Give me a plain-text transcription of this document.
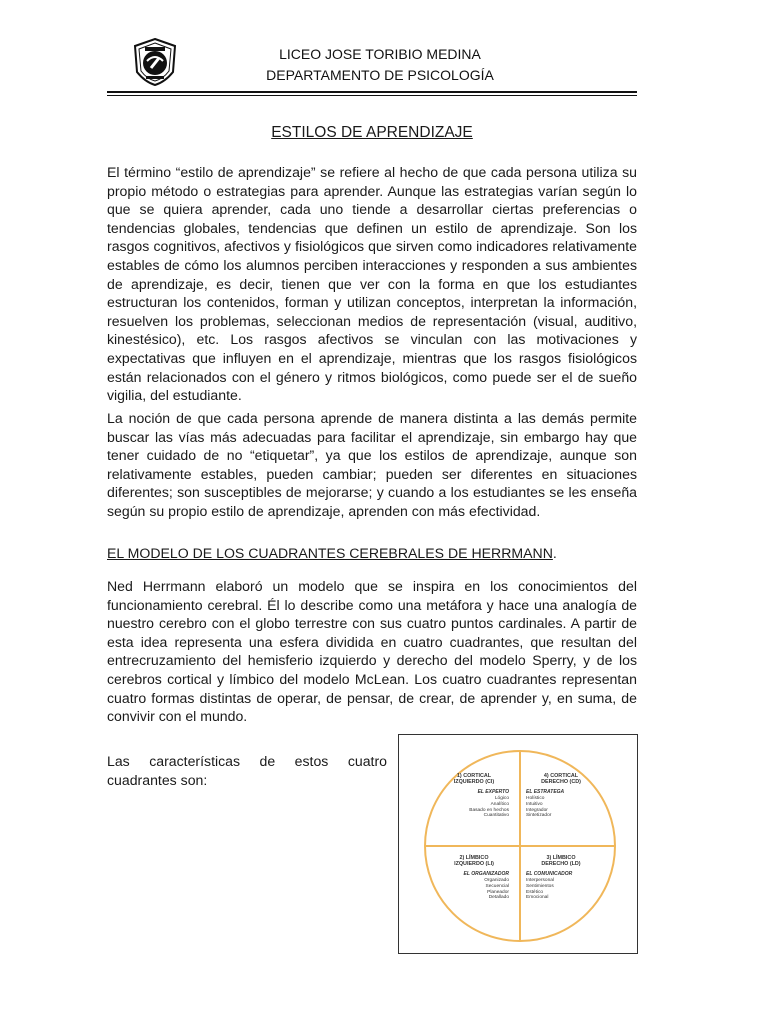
LICEO JOSE TORIBIO MEDINA
DEPARTAMENTO DE PSICOLOGÍA
ESTILOS DE APRENDIZAJE

El término “estilo de aprendizaje” se refiere al hecho de que cada persona utiliza su propio método o estrategias para aprender. Aunque las estrategias varían según lo que se quiera aprender, cada uno tiende a desarrollar ciertas preferencias o tendencias globales, tendencias que definen un estilo de aprendizaje. Son los rasgos cognitivos, afectivos y fisiológicos que sirven como indicadores relativamente estables de cómo los alumnos perciben interacciones y responden a sus ambientes de aprendizaje, es decir, tienen que ver con la forma en que los estudiantes estructuran los contenidos, forman y utilizan conceptos, interpretan la información, resuelven los problemas, seleccionan medios de representación (visual, auditivo, kinestésico), etc. Los rasgos afectivos se vinculan con las motivaciones y expectativas que influyen en el aprendizaje, mientras que los rasgos fisiológicos están relacionados con el género y ritmos biológicos, como puede ser el de sueño vigilia, del estudiante.

La noción de que cada persona aprende de manera distinta a las demás permite buscar las vías más adecuadas para facilitar el aprendizaje, sin embargo hay que tener cuidado de no “etiquetar”, ya que los estilos de aprendizaje, aunque son relativamente estables, pueden cambiar; pueden ser diferentes en situaciones diferentes; son susceptibles de mejorarse; y cuando a los estudiantes se les enseña según su propio estilo de aprendizaje, aprenden con más efectividad.

EL MODELO DE LOS CUADRANTES CEREBRALES DE HERRMANN.

Ned Herrmann elaboró un modelo que se inspira en los conocimientos del funcionamiento cerebral. Él lo describe como una metáfora y hace una analogía de nuestro cerebro con el globo terrestre con sus cuatro puntos cardinales. A partir de esta idea representa una esfera dividida en cuatro cuadrantes, que resultan del entrecruzamiento del hemisferio izquierdo y derecho del modelo Sperry, y de los cerebros cortical y límbico del modelo McLean. Los cuatro cuadrantes representan cuatro formas distintas de operar, de pensar, de crear, de aprender y, en suma, de convivir con el mundo.

Las características de estos cuatro
cuadrantes son:	1) CORTICAL
IZQUIERDO (CI)
EL EXPERTO
Lógico
Analítico
Basado en hechos
Cuantitativo
4) CORTICAL
DERECHO (CD)
EL ESTRATEGA
Holístico
Intuitivo
Integrador
Sintetizador
2) LÍMBICO
IZQUIERDO (LI)
EL ORGANIZADOR
Organizado
Secuencial
Planeador
Detallado
3) LÍMBICO
DERECHO (LD)
EL COMUNICADOR
Interpersonal
Sentimientos
Estético
Emocional
